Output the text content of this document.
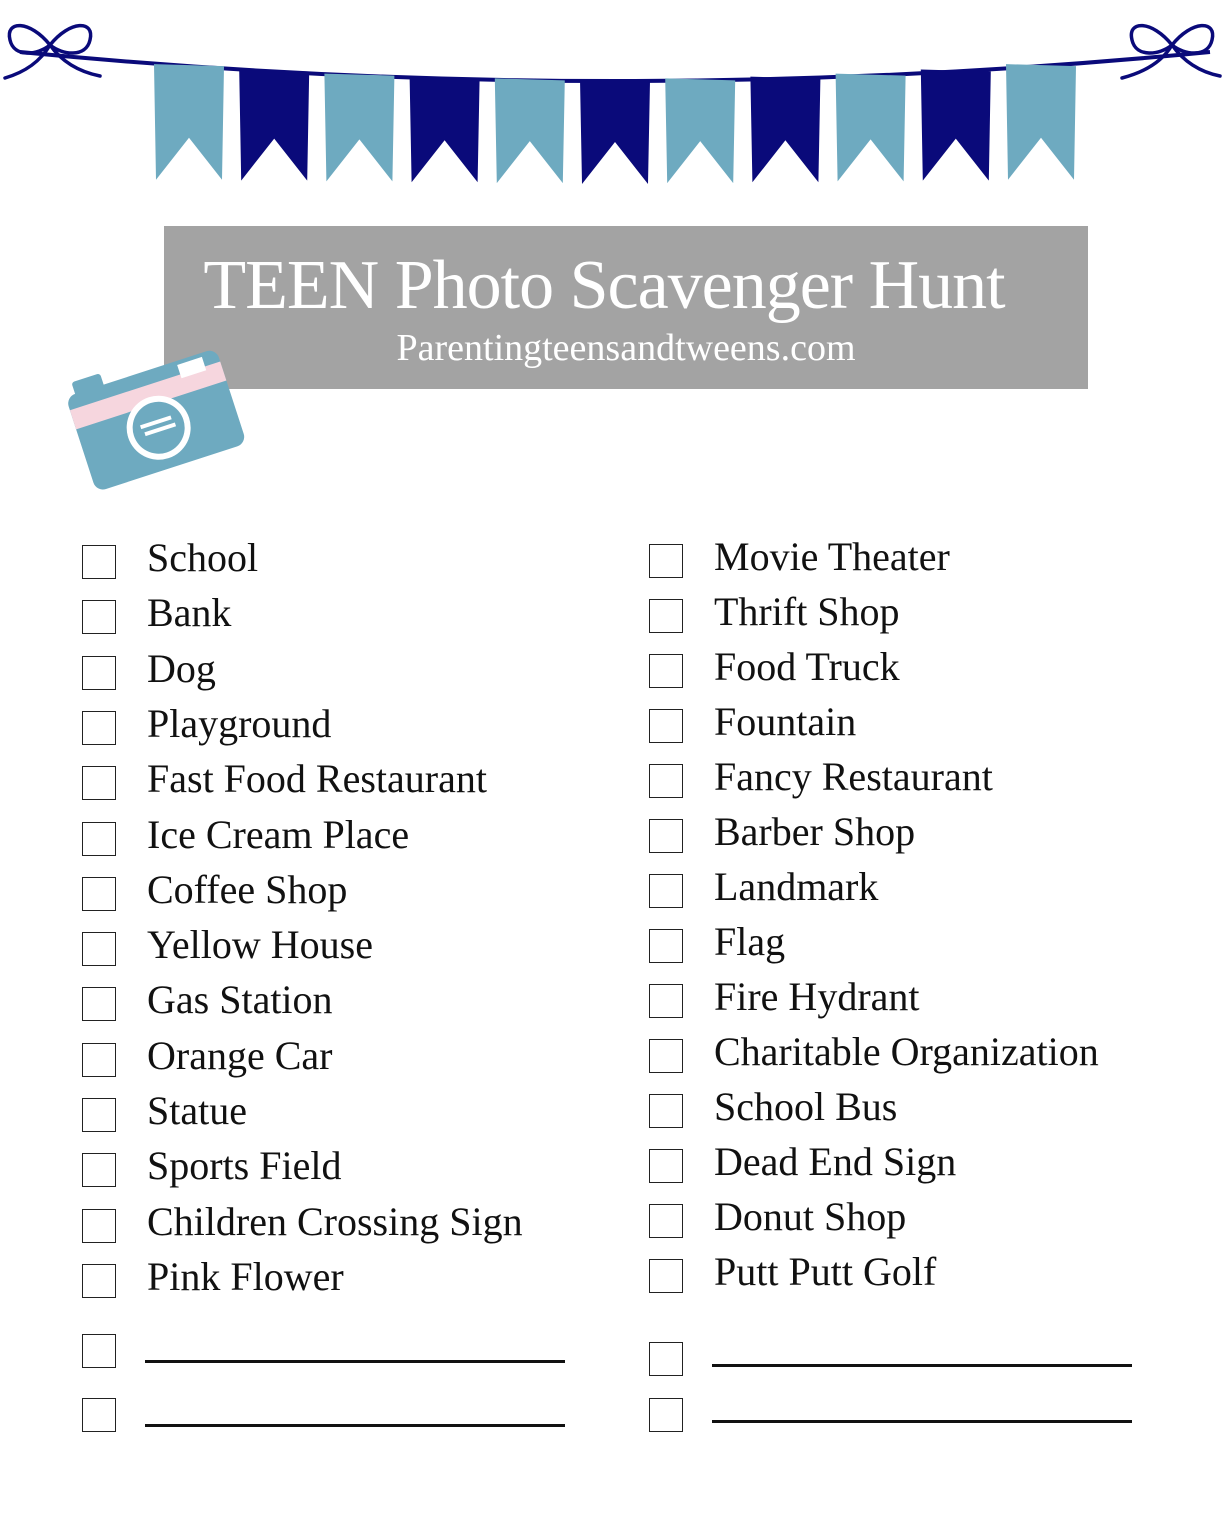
TEEN Photo Scavenger Hunt
Parentingteensandtweens.com
School
Bank
Dog
Playground
Fast Food Restaurant
Ice Cream Place
Coffee Shop
Yellow House
Gas Station
Orange Car
Statue
Sports Field
Children Crossing Sign
Pink Flower
Movie Theater
Thrift Shop
Food Truck
Fountain
Fancy Restaurant
Barber Shop
Landmark
Flag
Fire Hydrant
Charitable Organization
School Bus
Dead End Sign
Donut Shop
Putt Putt Golf
